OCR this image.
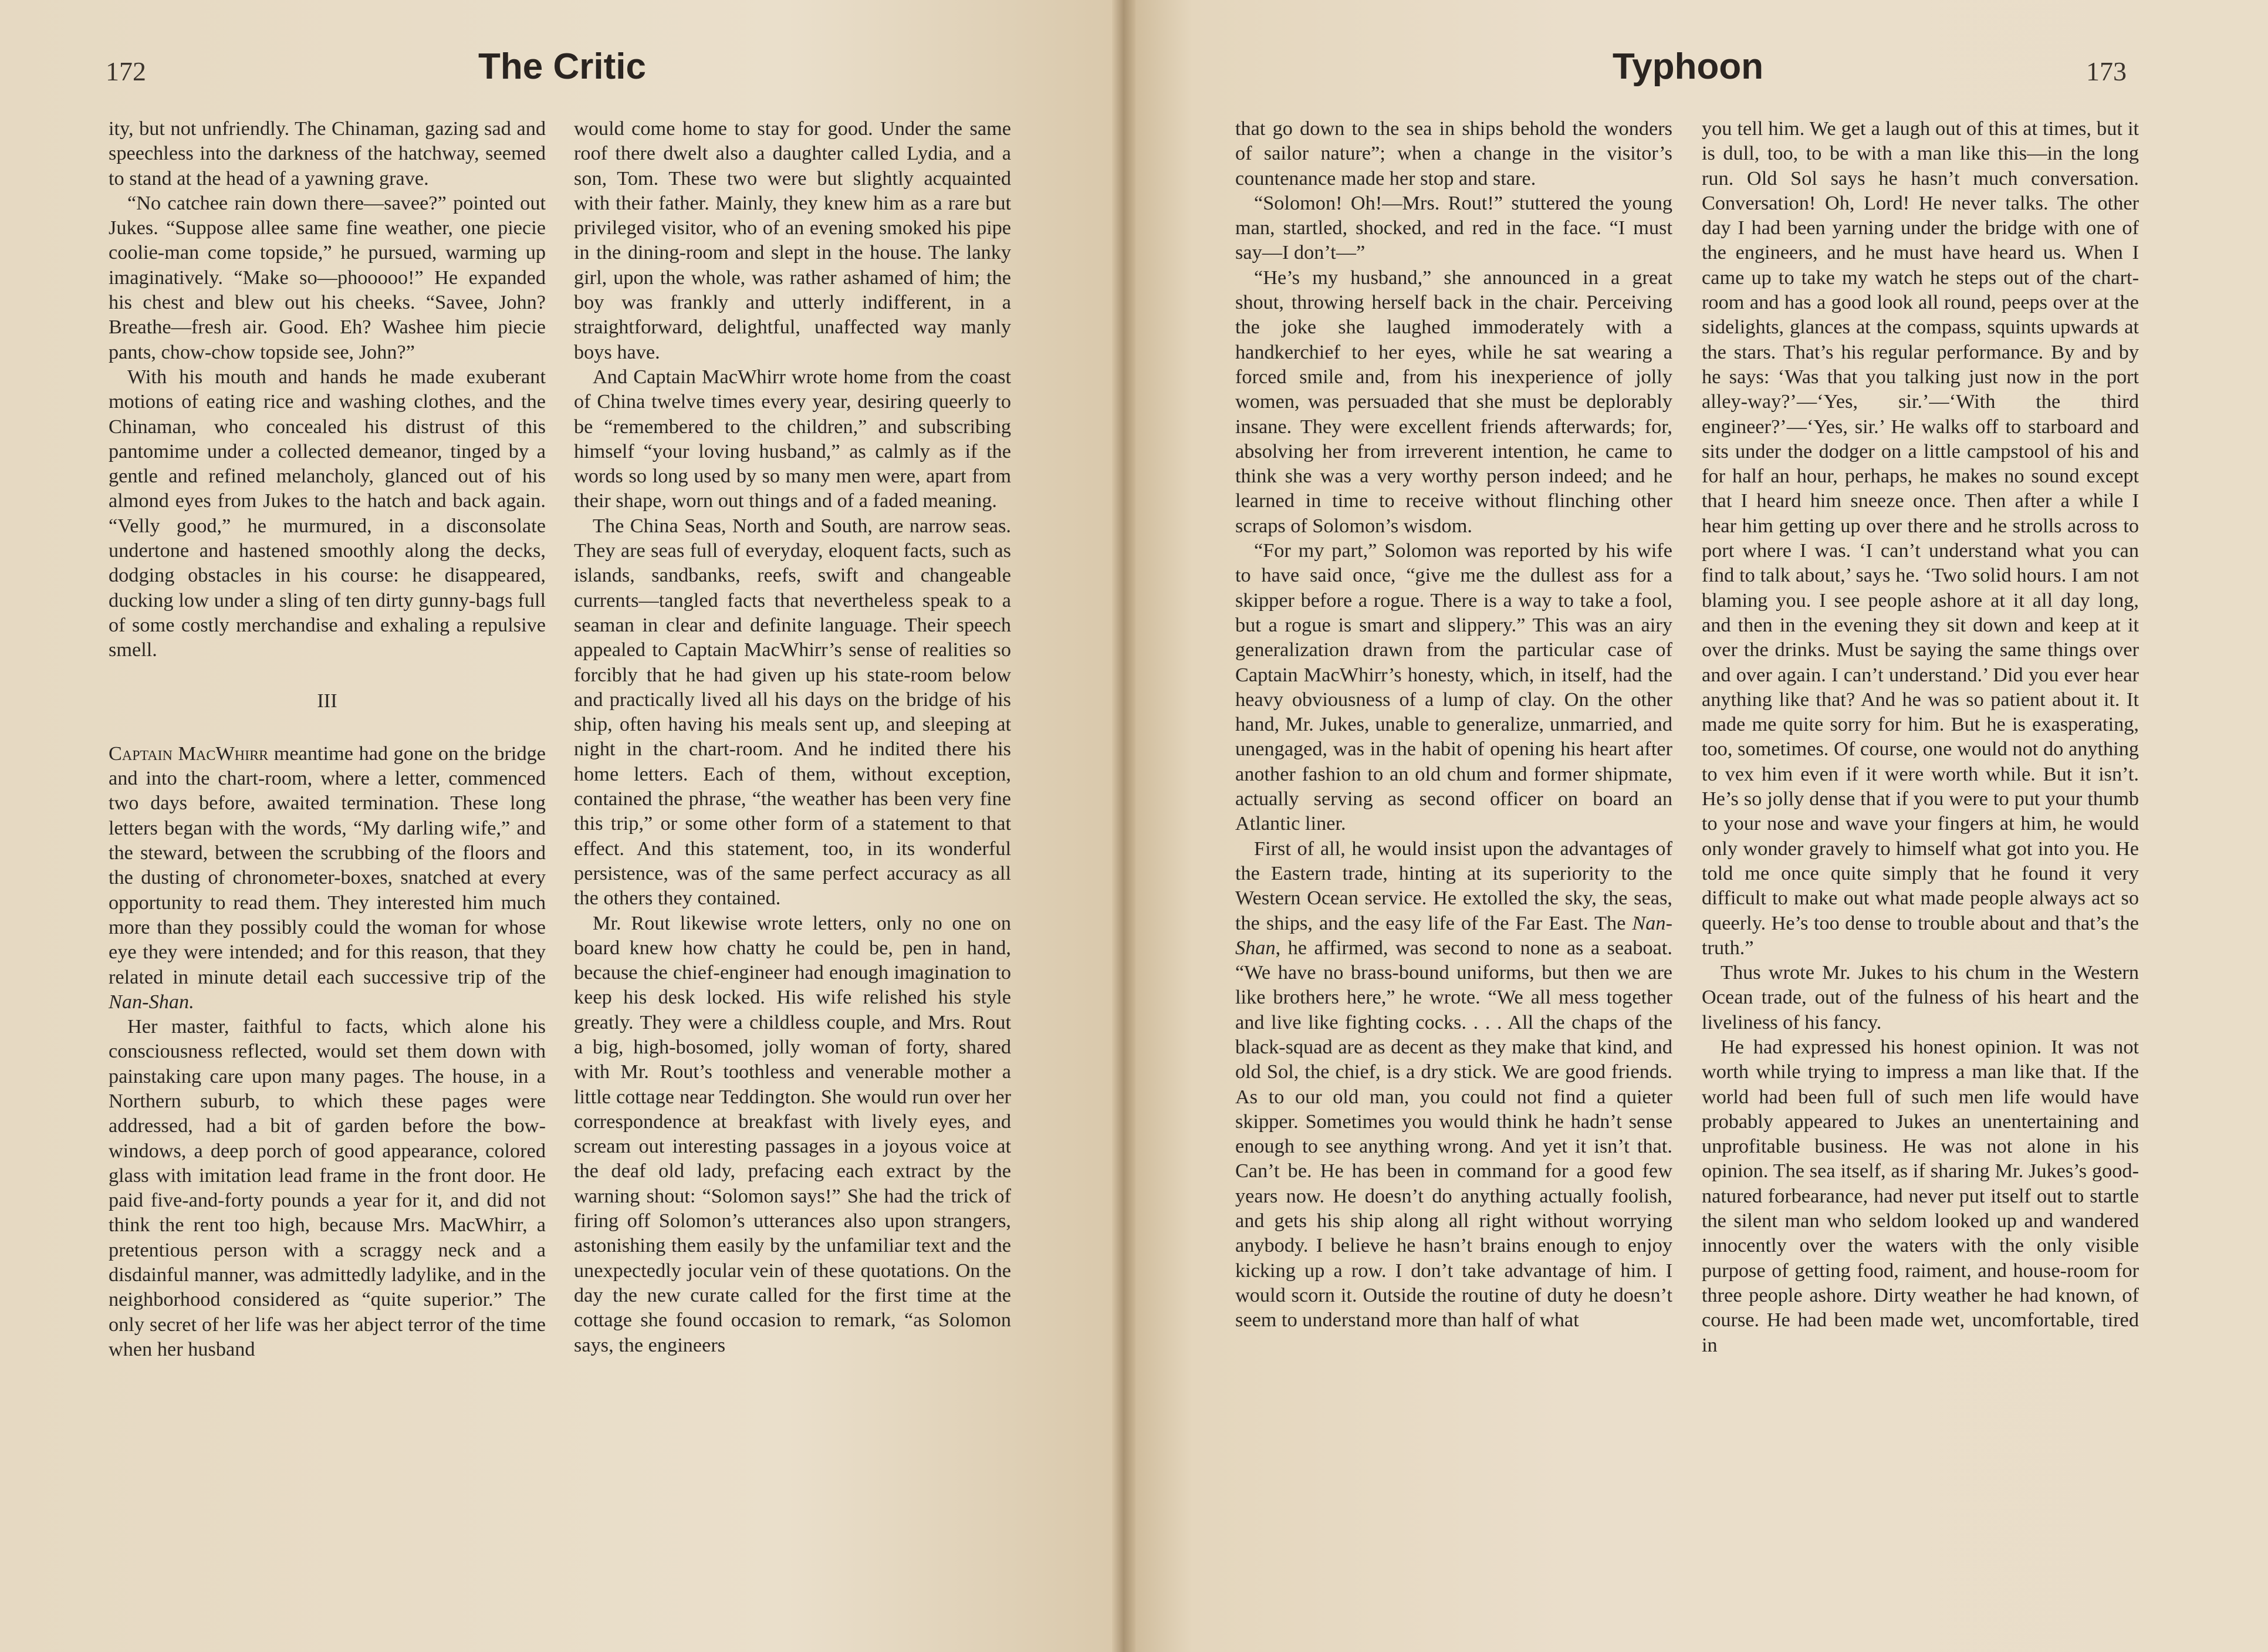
172	The Critic

ity, but not unfriendly. The Chinaman, gazing sad and speechless into the darkness of the hatchway, seemed to stand at the head of a yawning grave.

“No catchee rain down there—savee?” pointed out Jukes. “Suppose allee same fine weather, one piecie coolie-man come topside,” he pursued, warming up imaginatively. “Make so—phooooo!” He expanded his chest and blew out his cheeks. “Savee, John? Breathe—fresh air. Good. Eh? Washee him piecie pants, chow-chow topside see, John?”

With his mouth and hands he made exuberant motions of eating rice and washing clothes, and the Chinaman, who concealed his distrust of this pantomime under a collected demeanor, tinged by a gentle and refined melancholy, glanced out of his almond eyes from Jukes to the hatch and back again. “Velly good,” he murmured, in a disconsolate undertone and hastened smoothly along the decks, dodging obstacles in his course: he disappeared, ducking low under a sling of ten dirty gunny-bags full of some costly merchandise and exhaling a repulsive smell.

III

Captain MacWhirr meantime had gone on the bridge and into the chart-room, where a letter, commenced two days before, awaited termination. These long letters began with the words, “My darling wife,” and the steward, between the scrubbing of the floors and the dusting of chronometer-boxes, snatched at every opportunity to read them. They interested him much more than they possibly could the woman for whose eye they were intended; and for this reason, that they related in minute detail each successive trip of the Nan-Shan.

Her master, faithful to facts, which alone his consciousness reflected, would set them down with painstaking care upon many pages. The house, in a Northern suburb, to which these pages were addressed, had a bit of garden before the bow-windows, a deep porch of good appearance, colored glass with imitation lead frame in the front door. He paid five-and-forty pounds a year for it, and did not think the rent too high, because Mrs. MacWhirr, a pretentious person with a scraggy neck and a disdainful manner, was admittedly ladylike, and in the neighborhood considered as “quite superior.” The only secret of her life was her abject terror of the time when her husband

would come home to stay for good. Under the same roof there dwelt also a daughter called Lydia, and a son, Tom. These two were but slightly acquainted with their father. Mainly, they knew him as a rare but privileged visitor, who of an evening smoked his pipe in the dining-room and slept in the house. The lanky girl, upon the whole, was rather ashamed of him; the boy was frankly and utterly indifferent, in a straightforward, delightful, unaffected way manly boys have.

And Captain MacWhirr wrote home from the coast of China twelve times every year, desiring queerly to be “remembered to the children,” and subscribing himself “your loving husband,” as calmly as if the words so long used by so many men were, apart from their shape, worn out things and of a faded meaning.

The China Seas, North and South, are narrow seas. They are seas full of everyday, eloquent facts, such as islands, sandbanks, reefs, swift and changeable currents—tangled facts that nevertheless speak to a seaman in clear and definite language. Their speech appealed to Captain MacWhirr’s sense of realities so forcibly that he had given up his state-room below and practically lived all his days on the bridge of his ship, often having his meals sent up, and sleeping at night in the chart-room. And he indited there his home letters. Each of them, without exception, contained the phrase, “the weather has been very fine this trip,” or some other form of a statement to that effect. And this statement, too, in its wonderful persistence, was of the same perfect accuracy as all the others they contained.

Mr. Rout likewise wrote letters, only no one on board knew how chatty he could be, pen in hand, because the chief-engineer had enough imagination to keep his desk locked. His wife relished his style greatly. They were a childless couple, and Mrs. Rout a big, high-bosomed, jolly woman of forty, shared with Mr. Rout’s toothless and venerable mother a little cottage near Teddington. She would run over her correspondence at breakfast with lively eyes, and scream out interesting passages in a joyous voice at the deaf old lady, prefacing each extract by the warning shout: “Solomon says!” She had the trick of firing off Solomon’s utterances also upon strangers, astonishing them easily by the unfamiliar text and the unexpectedly jocular vein of these quotations. On the day the new curate called for the first time at the cottage she found occasion to remark, “as Solomon says, the engineers

Typhoon	173

that go down to the sea in ships behold the wonders of sailor nature”; when a change in the visitor’s countenance made her stop and stare.

“Solomon! Oh!—Mrs. Rout!” stuttered the young man, startled, shocked, and red in the face. “I must say—I don’t—”

“He’s my husband,” she announced in a great shout, throwing herself back in the chair. Perceiving the joke she laughed immoderately with a handkerchief to her eyes, while he sat wearing a forced smile and, from his inexperience of jolly women, was persuaded that she must be deplorably insane. They were excellent friends afterwards; for, absolving her from irreverent intention, he came to think she was a very worthy person indeed; and he learned in time to receive without flinching other scraps of Solomon’s wisdom.

“For my part,” Solomon was reported by his wife to have said once, “give me the dullest ass for a skipper before a rogue. There is a way to take a fool, but a rogue is smart and slippery.” This was an airy generalization drawn from the particular case of Captain MacWhirr’s honesty, which, in itself, had the heavy obviousness of a lump of clay. On the other hand, Mr. Jukes, unable to generalize, unmarried, and unengaged, was in the habit of opening his heart after another fashion to an old chum and former shipmate, actually serving as second officer on board an Atlantic liner.

First of all, he would insist upon the advantages of the Eastern trade, hinting at its superiority to the Western Ocean service. He extolled the sky, the seas, the ships, and the easy life of the Far East. The Nan-Shan, he affirmed, was second to none as a seaboat. “We have no brass-bound uniforms, but then we are like brothers here,” he wrote. “We all mess together and live like fighting cocks. . . . All the chaps of the black-squad are as decent as they make that kind, and old Sol, the chief, is a dry stick. We are good friends. As to our old man, you could not find a quieter skipper. Sometimes you would think he hadn’t sense enough to see anything wrong. And yet it isn’t that. Can’t be. He has been in command for a good few years now. He doesn’t do anything actually foolish, and gets his ship along all right without worrying anybody. I believe he hasn’t brains enough to enjoy kicking up a row. I don’t take advantage of him. I would scorn it. Outside the routine of duty he doesn’t seem to understand more than half of what

you tell him. We get a laugh out of this at times, but it is dull, too, to be with a man like this—in the long run. Old Sol says he hasn’t much conversation. Conversation! Oh, Lord! He never talks. The other day I had been yarning under the bridge with one of the engineers, and he must have heard us. When I came up to take my watch he steps out of the chart-room and has a good look all round, peeps over at the sidelights, glances at the compass, squints upwards at the stars. That’s his regular performance. By and by he says: ‘Was that you talking just now in the port alley-way?’—‘Yes, sir.’—‘With the third engineer?’—‘Yes, sir.’ He walks off to starboard and sits under the dodger on a little campstool of his and for half an hour, perhaps, he makes no sound except that I heard him sneeze once. Then after a while I hear him getting up over there and he strolls across to port where I was. ‘I can’t understand what you can find to talk about,’ says he. ‘Two solid hours. I am not blaming you. I see people ashore at it all day long, and then in the evening they sit down and keep at it over the drinks. Must be saying the same things over and over again. I can’t understand.’ Did you ever hear anything like that? And he was so patient about it. It made me quite sorry for him. But he is exasperating, too, sometimes. Of course, one would not do anything to vex him even if it were worth while. But it isn’t. He’s so jolly dense that if you were to put your thumb to your nose and wave your fingers at him, he would only wonder gravely to himself what got into you. He told me once quite simply that he found it very difficult to make out what made people always act so queerly. He’s too dense to trouble about and that’s the truth.”

Thus wrote Mr. Jukes to his chum in the Western Ocean trade, out of the fulness of his heart and the liveliness of his fancy.

He had expressed his honest opinion. It was not worth while trying to impress a man like that. If the world had been full of such men life would have probably appeared to Jukes an unentertaining and unprofitable business. He was not alone in his opinion. The sea itself, as if sharing Mr. Jukes’s good-natured forbearance, had never put itself out to startle the silent man who seldom looked up and wandered innocently over the waters with the only visible purpose of getting food, raiment, and house-room for three people ashore. Dirty weather he had known, of course. He had been made wet, uncomfortable, tired in
